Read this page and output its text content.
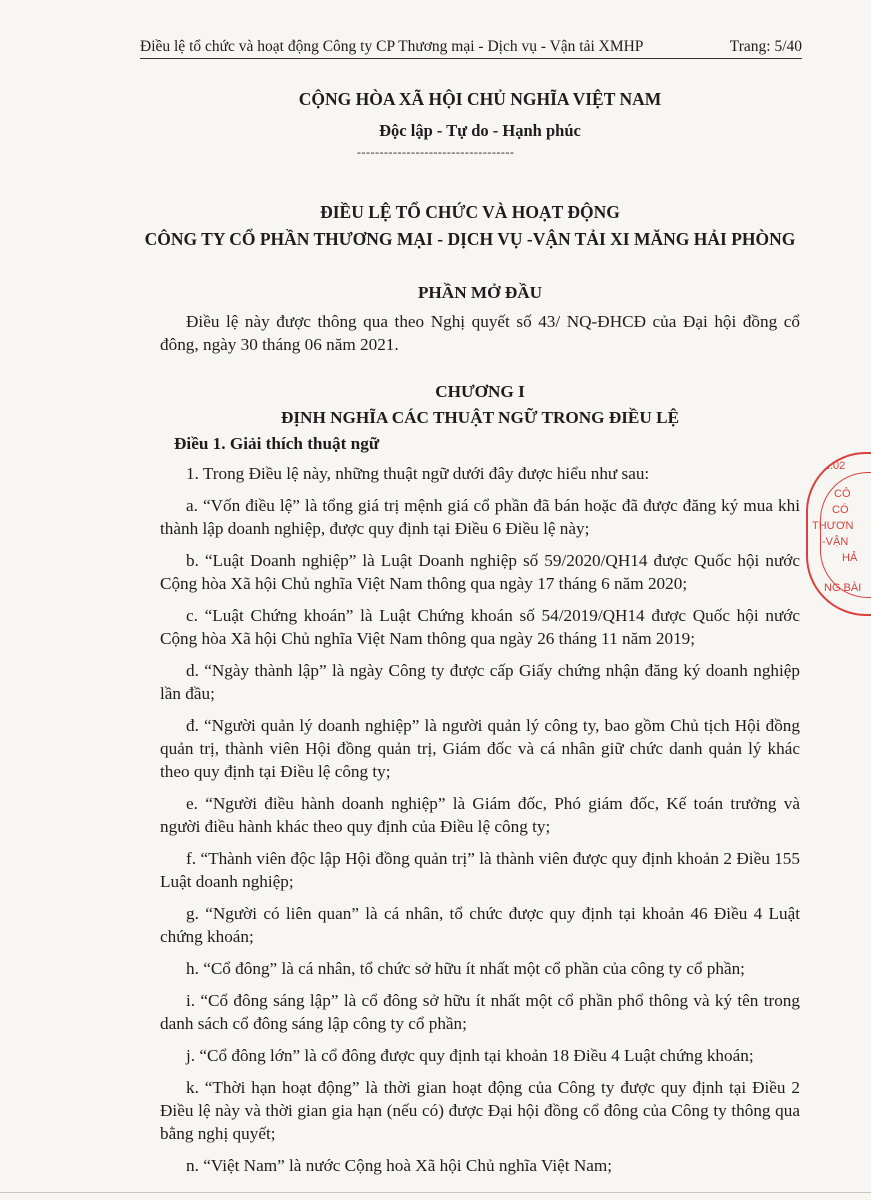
Điều lệ tổ chức và hoạt động Công ty CP Thương mại - Dịch vụ - Vận tải XMHP	Trang: 5/40
CỘNG HÒA XÃ HỘI CHỦ NGHĨA VIỆT NAM
Độc lập - Tự do - Hạnh phúc
-----------------------------------
ĐIỀU LỆ TỔ CHỨC VÀ HOẠT ĐỘNG
CÔNG TY CỔ PHẦN THƯƠNG MẠI - DỊCH VỤ -VẬN TẢI XI MĂNG HẢI PHÒNG
PHẦN MỞ ĐẦU

Điều lệ này được thông qua theo Nghị quyết số 43/ NQ-ĐHCĐ của Đại hội đồng cổ đông, ngày 30 tháng 06 năm 2021.

CHƯƠNG I
ĐỊNH NGHĨA CÁC THUẬT NGỮ TRONG ĐIỀU LỆ
Điều 1. Giải thích thuật ngữ

1. Trong Điều lệ này, những thuật ngữ dưới đây được hiểu như sau:

a. “Vốn điều lệ” là tổng giá trị mệnh giá cổ phần đã bán hoặc đã được đăng ký mua khi thành lập doanh nghiệp, được quy định tại Điều 6 Điều lệ này;

b. “Luật Doanh nghiệp” là Luật Doanh nghiệp số 59/2020/QH14 được Quốc hội nước Cộng hòa Xã hội Chủ nghĩa Việt Nam thông qua ngày 17 tháng 6 năm 2020;

c. “Luật Chứng khoán” là Luật Chứng khoán số 54/2019/QH14 được Quốc hội nước Cộng hòa Xã hội Chủ nghĩa Việt Nam thông qua ngày 26 tháng 11 năm 2019;

d. “Ngày thành lập” là ngày Công ty được cấp Giấy chứng nhận đăng ký doanh nghiệp lần đầu;

đ. “Người quản lý doanh nghiệp” là người quản lý công ty, bao gồm Chủ tịch Hội đồng quản trị, thành viên Hội đồng quản trị, Giám đốc và cá nhân giữ chức danh quản lý khác theo quy định tại Điều lệ công ty;

e. “Người điều hành doanh nghiệp” là Giám đốc, Phó giám đốc, Kế toán trưởng và người điều hành khác theo quy định của Điều lệ công ty;

f. “Thành viên độc lập Hội đồng quản trị” là thành viên được quy định khoản 2 Điều 155 Luật doanh nghiệp;

g. “Người có liên quan” là cá nhân, tổ chức được quy định tại khoản 46 Điều 4 Luật chứng khoán;

h. “Cổ đông” là cá nhân, tổ chức sở hữu ít nhất một cổ phần của công ty cổ phần;

i. “Cổ đông sáng lập” là cổ đông sở hữu ít nhất một cổ phần phổ thông và ký tên trong danh sách cổ đông sáng lập công ty cổ phần;

j. “Cổ đông lớn” là cổ đông được quy định tại khoản 18 Điều 4 Luật chứng khoán;

k. “Thời hạn hoạt động” là thời gian hoạt động của Công ty được quy định tại Điều 2 Điều lệ này và thời gian gia hạn (nếu có) được Đại hội đồng cổ đông của Công ty thông qua bằng nghị quyết;

n. “Việt Nam” là nước Cộng hoà Xã hội Chủ nghĩa Việt Nam;

N:02
CÔ
CÓ
THƯƠN
-VẬN
HẢ
NG BÀI
